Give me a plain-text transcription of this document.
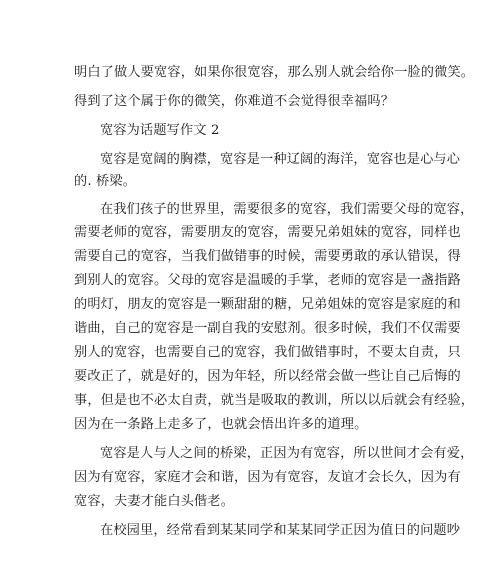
明白了做人要宽容，如果你很宽容，那么别人就会给你一脸的微笑。
得到了这个属于你的微笑，你难道不会觉得很幸福吗？
宽容为话题写作文 2
宽容是宽阔的胸襟，宽容是一种辽阔的海洋，宽容也是心与心
的. 桥梁。
在我们孩子的世界里，需要很多的宽容，我们需要父母的宽容，
需要老师的宽容，需要朋友的宽容，需要兄弟姐妹的宽容，同样也
需要自己的宽容，当我们做错事的时候，需要勇敢的承认错误，得
到别人的宽容。父母的宽容是温暖的手掌，老师的宽容是一盏指路
的明灯，朋友的宽容是一颗甜甜的糖，兄弟姐妹的宽容是家庭的和
谐曲，自己的宽容是一副自我的安慰剂。很多时候，我们不仅需要
别人的宽容，也需要自己的宽容，我们做错事时，不要太自责，只
要改正了，就是好的，因为年轻，所以经常会做一些让自己后悔的
事，但是也不必太自责，就当是吸取的教训，所以以后就会有经验，
因为在一条路上走多了，也就会悟出许多的道理。
宽容是人与人之间的桥梁，正因为有宽容，所以世间才会有爱，
因为有宽容，家庭才会和谐，因为有宽容，友谊才会长久，因为有
宽容，夫妻才能白头偕老。
在校园里，经常看到某某同学和某某同学正因为值日的问题吵
